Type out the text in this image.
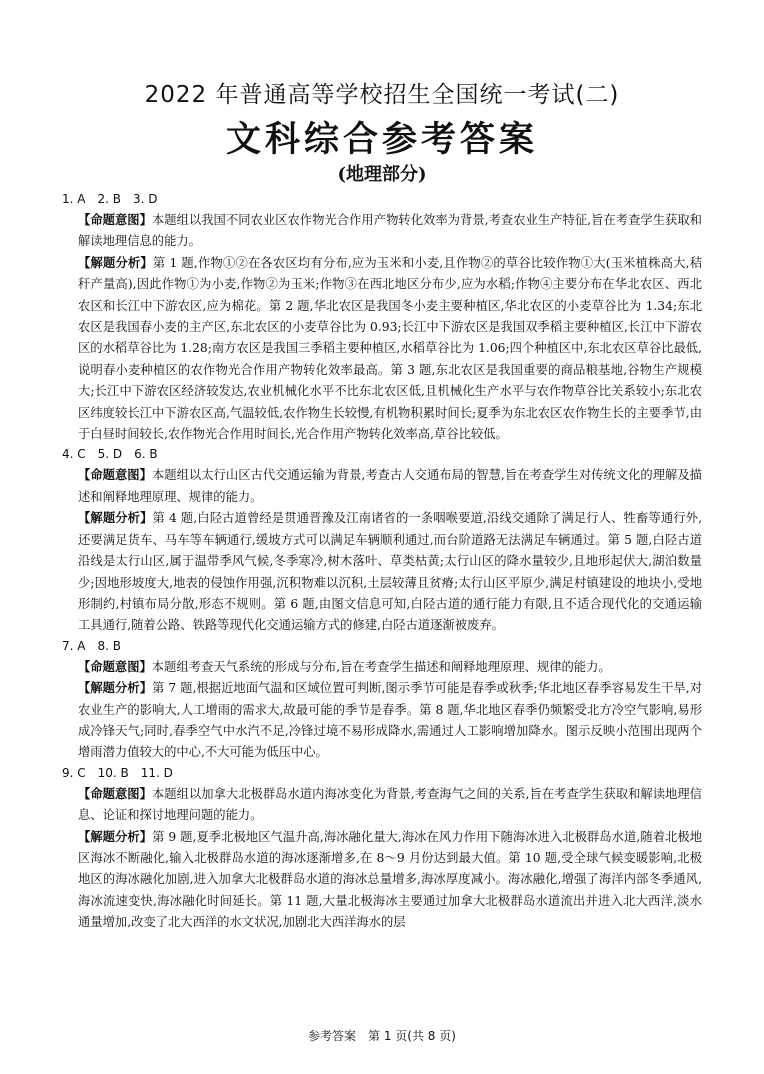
2022 年普通高等学校招生全国统一考试(二)
文科综合参考答案
(地理部分)
1. A　2. B　3. D

【命题意图】本题组以我国不同农业区农作物光合作用产物转化效率为背景,考查农业生产特征,旨在考查学生获取和解读地理信息的能力。

【解题分析】第 1 题,作物①②在各农区均有分布,应为玉米和小麦,且作物②的草谷比较作物①大(玉米植株高大,秸秆产量高),因此作物①为小麦,作物②为玉米;作物③在西北地区分布少,应为水稻;作物④主要分布在华北农区、西北农区和长江中下游农区,应为棉花。第 2 题,华北农区是我国冬小麦主要种植区,华北农区的小麦草谷比为 1.34;东北农区是我国春小麦的主产区,东北农区的小麦草谷比为 0.93;长江中下游农区是我国双季稻主要种植区,长江中下游农区的水稻草谷比为 1.28;南方农区是我国三季稻主要种植区,水稻草谷比为 1.06;四个种植区中,东北农区草谷比最低,说明春小麦种植区的农作物光合作用产物转化效率最高。第 3 题,东北农区是我国重要的商品粮基地,谷物生产规模大;长江中下游农区经济较发达,农业机械化水平不比东北农区低,且机械化生产水平与农作物草谷比关系较小;东北农区纬度较长江中下游农区高,气温较低,农作物生长较慢,有机物积累时间长;夏季为东北农区农作物生长的主要季节,由于白昼时间较长,农作物光合作用时间长,光合作用产物转化效率高,草谷比较低。

4. C　5. D　6. B

【命题意图】本题组以太行山区古代交通运输为背景,考查古人交通布局的智慧,旨在考查学生对传统文化的理解及描述和阐释地理原理、规律的能力。

【解题分析】第 4 题,白陉古道曾经是贯通晋豫及江南诸省的一条咽喉要道,沿线交通除了满足行人、牲畜等通行外,还要满足货车、马车等车辆通行,缓坡方式可以满足车辆顺利通过,而台阶道路无法满足车辆通过。第 5 题,白陉古道沿线是太行山区,属于温带季风气候,冬季寒冷,树木落叶、草类枯黄;太行山区的降水量较少,且地形起伏大,湖泊数量少;因地形坡度大,地表的侵蚀作用强,沉积物难以沉积,土层较薄且贫瘠;太行山区平原少,满足村镇建设的地块小,受地形制约,村镇布局分散,形态不规则。第 6 题,由图文信息可知,白陉古道的通行能力有限,且不适合现代化的交通运输工具通行,随着公路、铁路等现代化交通运输方式的修建,白陉古道逐渐被废弃。

7. A　8. B

【命题意图】本题组考查天气系统的形成与分布,旨在考查学生描述和阐释地理原理、规律的能力。

【解题分析】第 7 题,根据近地面气温和区域位置可判断,图示季节可能是春季或秋季;华北地区春季容易发生干旱,对农业生产的影响大,人工增雨的需求大,故最可能的季节是春季。第 8 题,华北地区春季仍频繁受北方冷空气影响,易形成冷锋天气;同时,春季空气中水汽不足,冷锋过境不易形成降水,需通过人工影响增加降水。图示反映小范围出现两个增雨潜力值较大的中心,不大可能为低压中心。

9. C　10. B　11. D

【命题意图】本题组以加拿大北极群岛水道内海冰变化为背景,考查海气之间的关系,旨在考查学生获取和解读地理信息、论证和探讨地理问题的能力。

【解题分析】第 9 题,夏季北极地区气温升高,海冰融化量大,海冰在风力作用下随海冰进入北极群岛水道,随着北极地区海冰不断融化,输入北极群岛水道的海冰逐渐增多,在 8～9 月份达到最大值。第 10 题,受全球气候变暖影响,北极地区的海冰融化加剧,进入加拿大北极群岛水道的海冰总量增多,海冰厚度减小。海冰融化,增强了海洋内部冬季通风,海冰流速变快,海冰融化时间延长。第 11 题,大量北极海冰主要通过加拿大北极群岛水道流出并进入北大西洋,淡水通量增加,改变了北大西洋的水文状况,加剧北大西洋海水的层

参考答案　第 1 页(共 8 页)
